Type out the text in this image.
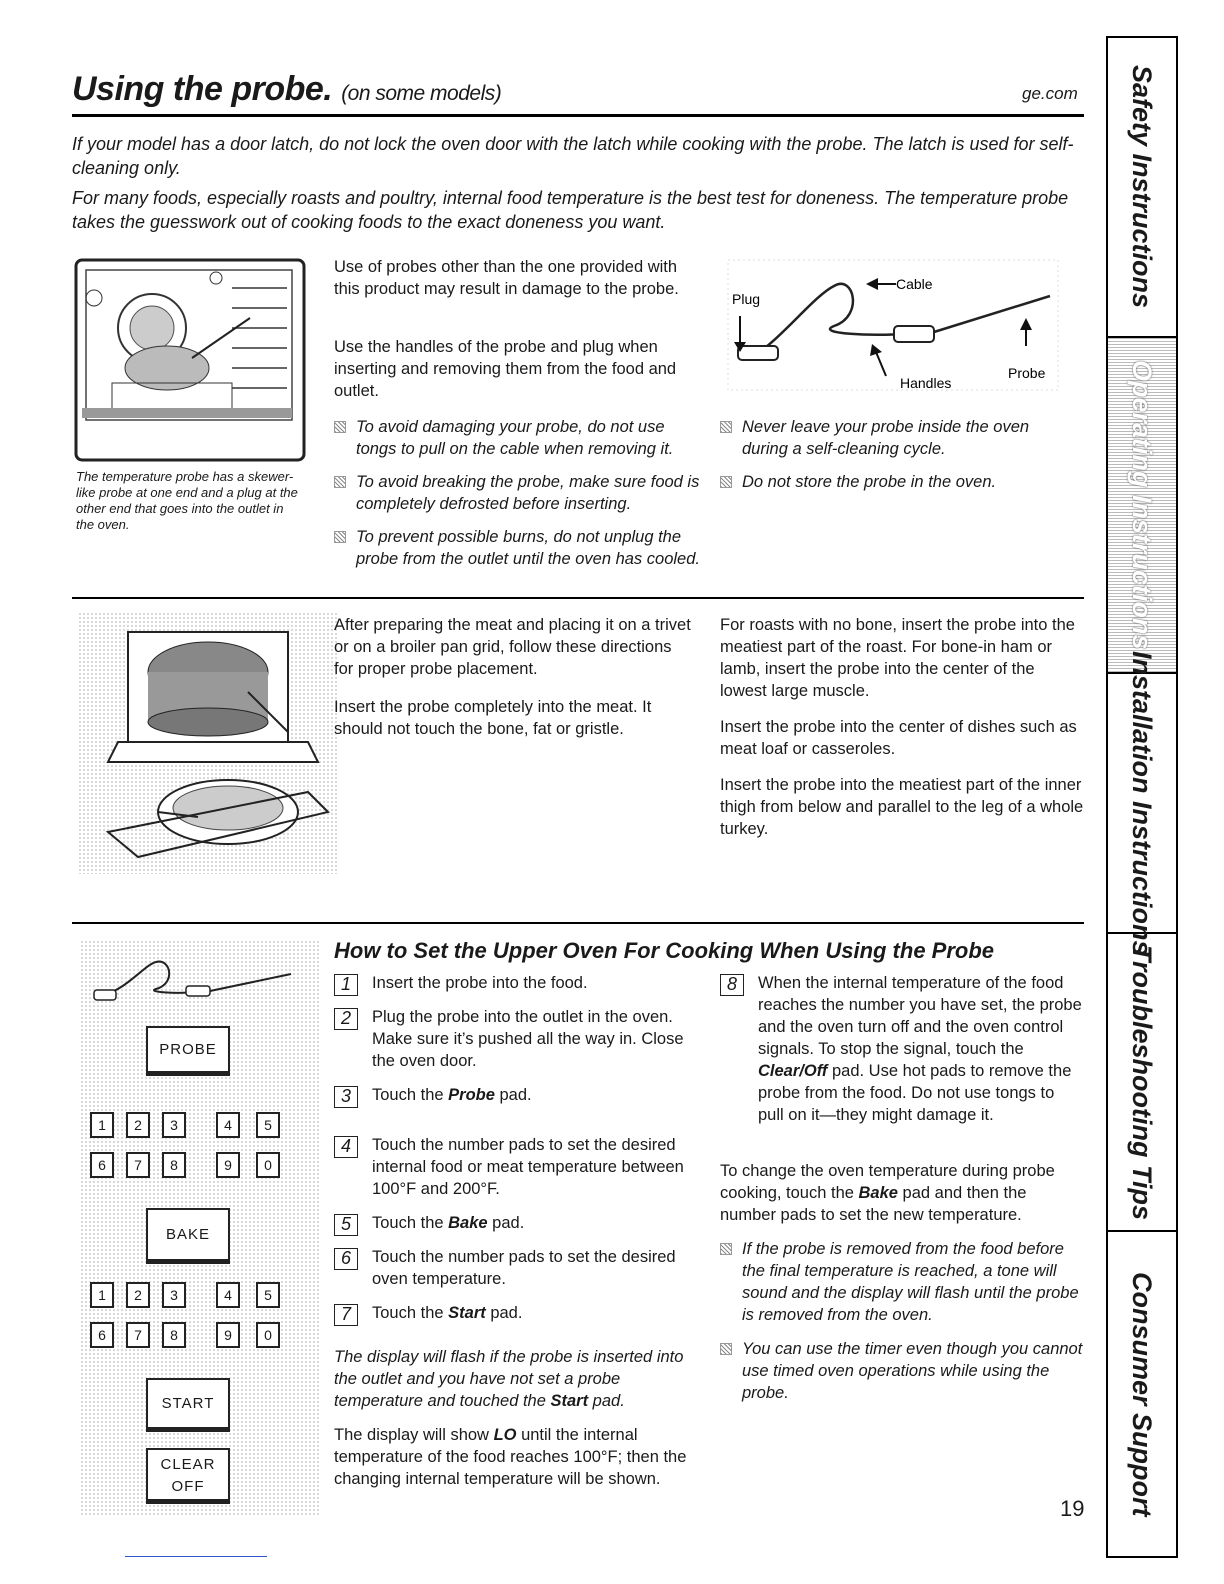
Using the probe. (on some models)	ge.com
If your model has a door latch, do not lock the oven door with the latch while cooking with the probe. The latch is used for self-cleaning only.
For many foods, especially roasts and poultry, internal food temperature is the best test for doneness. The temperature probe takes the guesswork out of cooking foods to the exact doneness you want.
The temperature probe has a skewer-like probe at one end and a plug at the other end that goes into the outlet in the oven.
Use of probes other than the one provided with this product may result in damage to the probe.
Use the handles of the probe and plug when inserting and removing them from the food and outlet.
To avoid damaging your probe, do not use tongs to pull on the cable when removing it.
To avoid breaking the probe, make sure food is completely defrosted before inserting.
To prevent possible burns, do not unplug the probe from the outlet until the oven has cooled.
Plug
Cable
Handles
Probe
Never leave your probe inside the oven during a self-cleaning cycle.
Do not store the probe in the oven.
After preparing the meat and placing it on a trivet or on a broiler pan grid, follow these directions for proper probe placement.
Insert the probe completely into the meat. It should not touch the bone, fat or gristle.
For roasts with no bone, insert the probe into the meatiest part of the roast. For bone-in ham or lamb, insert the probe into the center of the lowest large muscle.
Insert the probe into the center of dishes such as meat loaf or casseroles.
Insert the probe into the meatiest part of the inner thigh from below and parallel to the leg of a whole turkey.
How to Set the Upper Oven For Cooking When Using the Probe
PROBE
1	2	3	4	5
6	7	8	9	0
BAKE
1	2	3	4	5
6	7	8	9	0
START
CLEAR
OFF
1	Insert the probe into the food.
2	Plug the probe into the outlet in the oven. Make sure it’s pushed all the way in. Close the oven door.
3	Touch the Probe pad.
4	Touch the number pads to set the desired internal food or meat temperature between 100°F and 200°F.
5	Touch the Bake pad.
6	Touch the number pads to set the desired oven temperature.
7	Touch the Start pad.
The display will flash if the probe is inserted into the outlet and you have not set a probe temperature and touched the Start pad.
The display will show LO until the internal temperature of the food reaches 100°F; then the changing internal temperature will be shown.
8	When the internal temperature of the food reaches the number you have set, the probe and the oven turn off and the oven control signals. To stop the signal, touch the Clear/Off pad. Use hot pads to remove the probe from the food. Do not use tongs to pull on it—they might damage it.
To change the oven temperature during probe cooking, touch the Bake pad and then the number pads to set the new temperature.
If the probe is removed from the food before the final temperature is reached, a tone will sound and the display will flash until the probe is removed from the oven.
You can use the timer even though you cannot use timed oven operations while using the probe.
19
Safety Instructions
Operating Instructions
Installation Instructions
Troubleshooting Tips
Consumer Support
